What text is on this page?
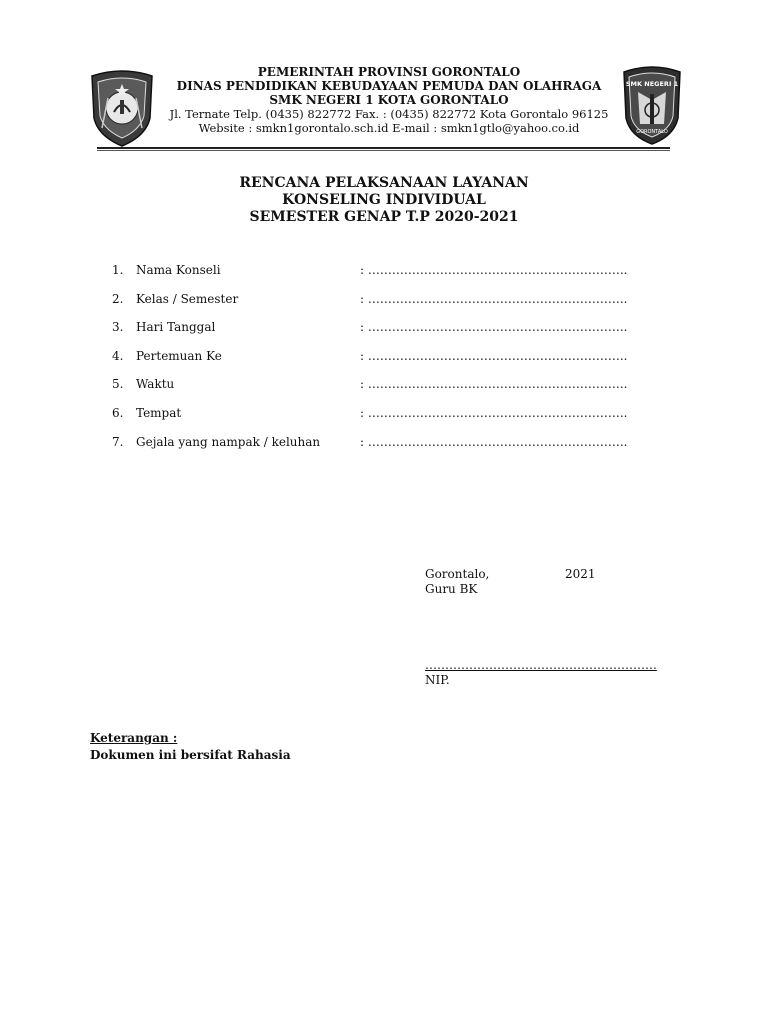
SMK NEGERI 1
GORONTALO
PEMERINTAH PROVINSI GORONTALO
DINAS PENDIDIKAN KEBUDAYAAN PEMUDA DAN OLAHRAGA
SMK NEGERI 1 KOTA GORONTALO
Jl. Ternate Telp. (0435) 822772 Fax. : (0435) 822772 Kota Gorontalo 96125
Website : smkn1gorontalo.sch.id E-mail : smkn1gtlo@yahoo.co.id
RENCANA PELAKSANAAN LAYANAN
KONSELING INDIVIDUAL
SEMESTER GENAP T.P 2020-2021
1. Nama Konseli	: ………………………………………………………..
2. Kelas / Semester	: ………………………………………………………..
3. Hari Tanggal	: ………………………………………………………..
4. Pertemuan Ke	: ………………………………………………………..
5. Waktu	: ………………………………………………………..
6. Tempat	: ………………………………………………………..
7. Gejala yang nampak / keluhan	: ………………………………………………………..
Gorontalo,	2021
Guru BK
………………………………………………….
NIP.
Keterangan :
Dokumen ini bersifat Rahasia
